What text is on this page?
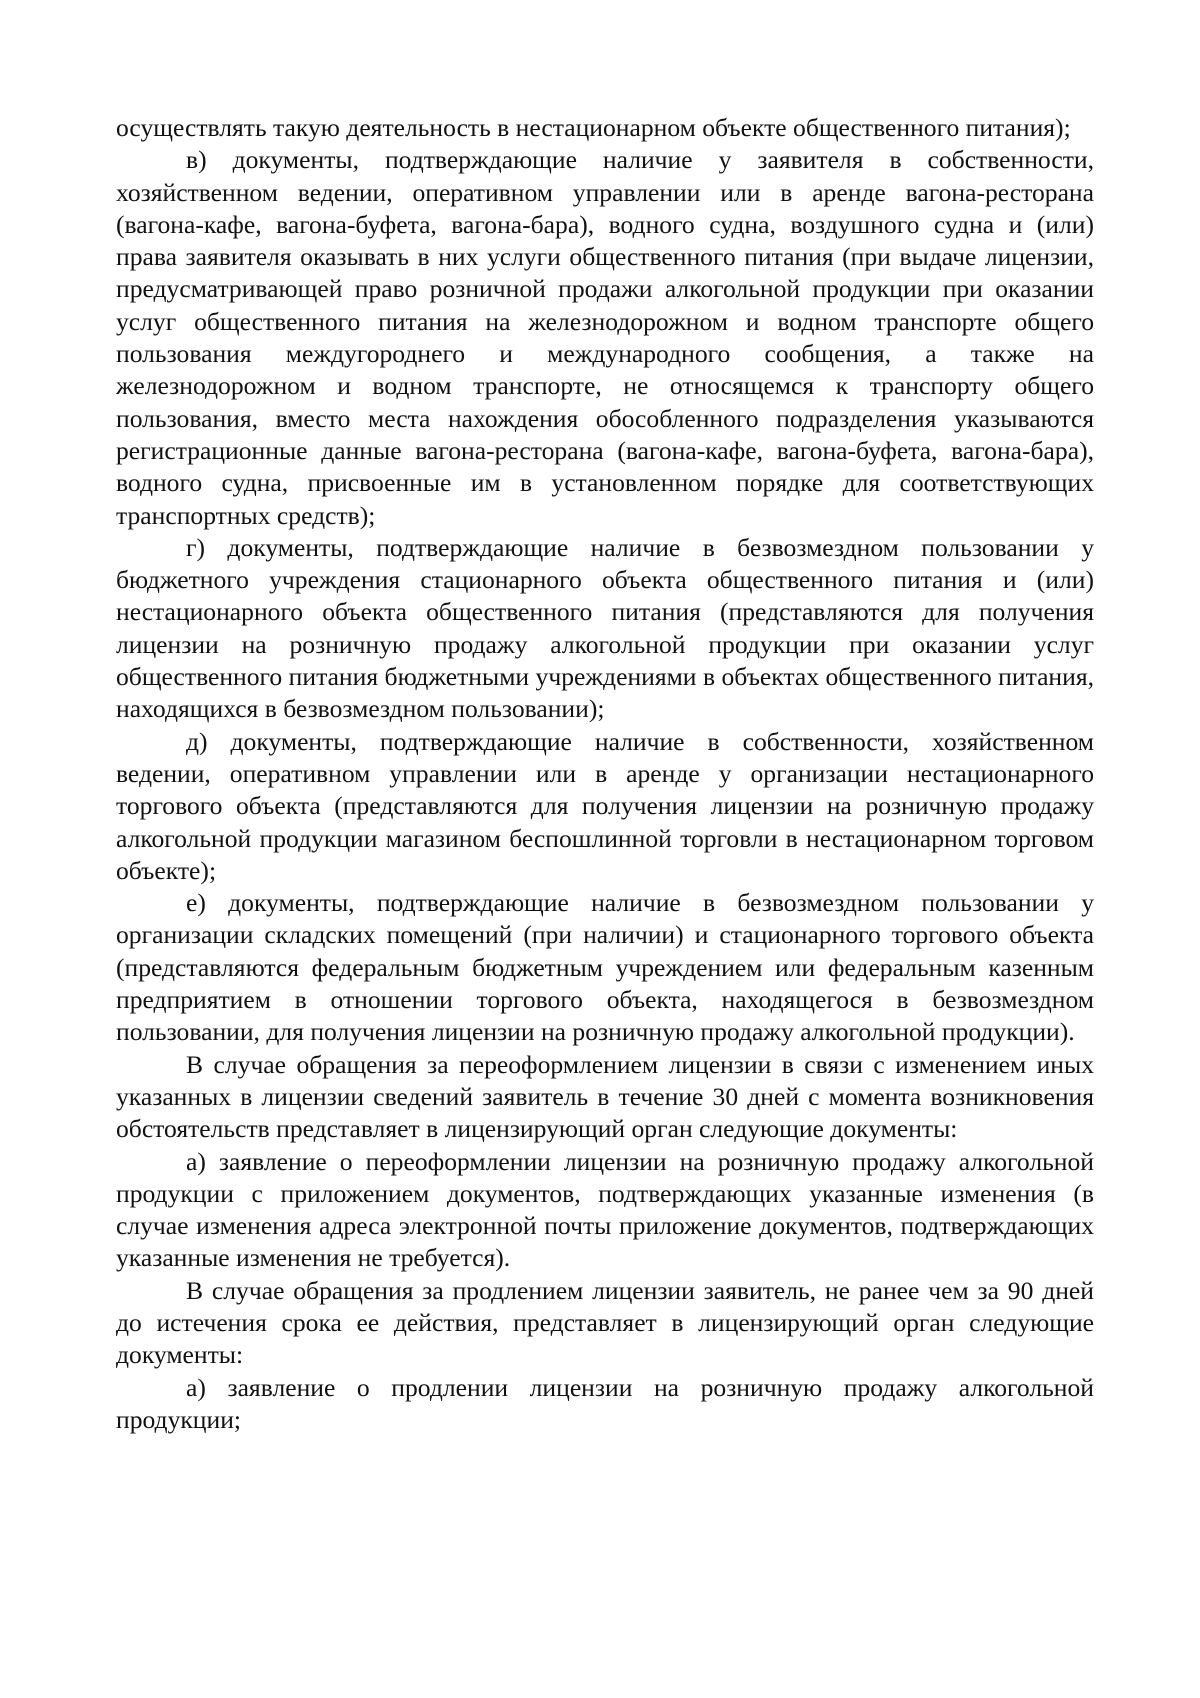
осуществлять такую деятельность в нестационарном объекте общественного питания);

в) документы, подтверждающие наличие у заявителя в собственности, хозяйственном ведении, оперативном управлении или в аренде вагона-ресторана (вагона-кафе, вагона-буфета, вагона-бара), водного судна, воздушного судна и (или) права заявителя оказывать в них услуги общественного питания (при выдаче лицензии, предусматривающей право розничной продажи алкогольной продукции при оказании услуг общественного питания на железнодорожном и водном транспорте общего пользования междугороднего и международного сообщения, а также на железнодорожном и водном транспорте, не относящемся к транспорту общего пользования, вместо места нахождения обособленного подразделения указываются регистрационные данные вагона-ресторана (вагона-кафе, вагона-буфета, вагона-бара), водного судна, присвоенные им в установленном порядке для соответствующих транспортных средств);

г) документы, подтверждающие наличие в безвозмездном пользовании у бюджетного учреждения стационарного объекта общественного питания и (или) нестационарного объекта общественного питания (представляются для получения лицензии на розничную продажу алкогольной продукции при оказании услуг общественного питания бюджетными учреждениями в объектах общественного питания, находящихся в безвозмездном пользовании);

д) документы, подтверждающие наличие в собственности, хозяйственном ведении, оперативном управлении или в аренде у организации нестационарного торгового объекта (представляются для получения лицензии на розничную продажу алкогольной продукции магазином беспошлинной торговли в нестационарном торговом объекте);

е) документы, подтверждающие наличие в безвозмездном пользовании у организации складских помещений (при наличии) и стационарного торгового объекта (представляются федеральным бюджетным учреждением или федеральным казенным предприятием в отношении торгового объекта, находящегося в безвозмездном пользовании, для получения лицензии на розничную продажу алкогольной продукции).

В случае обращения за переоформлением лицензии в связи с изменением иных указанных в лицензии сведений заявитель в течение 30 дней с момента возникновения обстоятельств представляет в лицензирующий орган следующие документы:

а) заявление о переоформлении лицензии на розничную продажу алкогольной продукции с приложением документов, подтверждающих указанные изменения (в случае изменения адреса электронной почты приложение документов, подтверждающих указанные изменения не требуется).

В случае обращения за продлением лицензии заявитель, не ранее чем за 90 дней до истечения срока ее действия, представляет в лицензирующий орган следующие документы:

а) заявление о продлении лицензии на розничную продажу алкогольной продукции;
